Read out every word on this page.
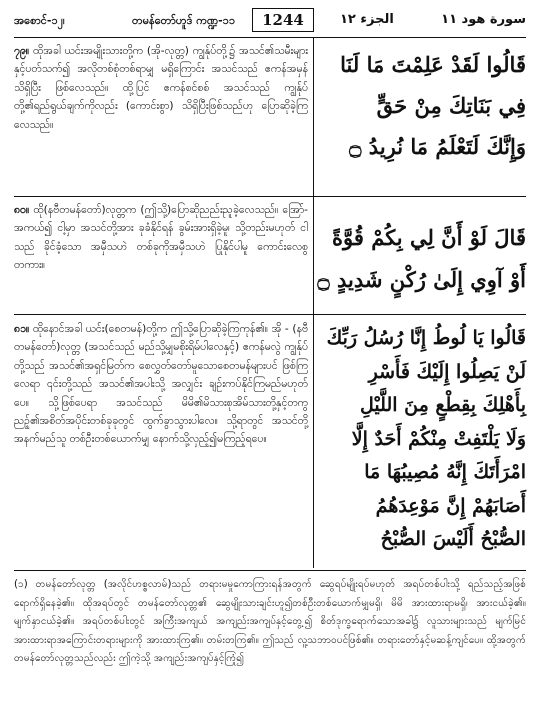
အစောင်-၁၂၊	တမန်တော်ဟူဒ် ကဏ္ဍ-၁၁	1244	الجزء ١٢	سورة هود ١١
၇၉။ ထိုအခါ ယင်းအမျိုးသားတို့က (အို-လုတ္တ) ကျွန်ုပ်တို့၌ အသင်၏သမီးများနှင့်ပတ်သက်၍ အလိုတစ်စုံတစ်ရာမျှ မရှိကြောင်း အသင်သည် ဧကန်အမှန်သိရှိပြီး ဖြစ်လေသည်။ ထို့ပြင် ဧကန်စင်စစ် အသင်သည် ကျွန်ုပ်တို့၏ရည်ရွယ်ချက်ကိုလည်း (ကောင်းစွာ) သိရှိပြီးဖြစ်သည်ဟု ပြောဆိုခဲ့ကြလေသည်။
قَالُوا لَقَدْ عَلِمْتَ مَا لَنَا
فِي بَنَاتِكَ مِنْ حَقٍّ
وَإِنَّكَ لَتَعْلَمُ مَا نُرِيدُ ۝
၈၀။ ထို(နဗီတမန်တော်)လုတ္တက (ဤသို့)ပြောဆိုညည်းညူခဲ့လေသည်။ အြော်-အကယ်၍ ငါ့မှာ အသင်တို့အား ခုခံနိုင်ရန် ခွမ်းအားရှိခဲ့မူ၊ သို့တည်းမဟုတ် ငါသည် ခိုင်ခံ့သော အမှီသဟဲ တစ်ခုကိုအမှီသဟဲ ပြုနိုင်ပါမူ ကောင်းလေစွတကား။
قَالَ لَوْ أَنَّ لِي بِكُمْ قُوَّةً
أَوْ آوِي إِلَىٰ رُكْنٍ شَدِيدٍ ۝
၈၁။ ထိုနောင်အခါ ယင်း(စေတမန်)တို့က ဤသို့ပြောဆိုခဲ့ကြကုန်၏။ အို - (နဗီတမန်တော်)လုတ္တ (အသင်သည် မည်သို့မျှမစိုးရိမ်ပါလေနှင့်) ဧကန်မလွဲ ကျွန်ုပ်တို့သည် အသင်၏အရှင်မြတ်က စေလွှတ်တော်မူသောစေတမန်များပင် ဖြစ်ကြလေရာ ၎င်းတို့သည် အသင်၏အပါးသို့ အလျှင်း ချဉ်းကပ်နိုင်ကြမည်မဟုတ်ပေ။ သို့ဖြစ်ပေရာ အသင်သည် မိမိ၏မိသားစုအိမ်သားတို့နှင့်တကွ ညဉ့်၏အစိတ်အပိုင်းတစ်ခုခုတွင် ထွက်ခွာသွားပါလေ။ သို့ရာတွင် အသင်တို့အနက်မည်သူ တစ်ဦးတစ်ယောက်မျှ နောက်သို့လှည့်၍မကြည့်ရပေ။
قَالُوا يَا لُوطُ إِنَّا رُسُلُ رَبِّكَ
لَنْ يَصِلُوا إِلَيْكَ فَأَسْرِ
بِأَهْلِكَ بِقِطْعٍ مِنَ اللَّيْلِ
وَلَا يَلْتَفِتْ مِنْكُمْ أَحَدٌ إِلَّا
امْرَأَتَكَ إِنَّهُ مُصِيبُهَا مَا
أَصَابَهُمْ إِنَّ مَوْعِدَهُمُ
الصُّبْحُ أَلَيْسَ الصُّبْحُ
(၁) တမန်တော်လုတ္တ (အလိုင်ဟစ္စလာမ်)သည် တရားမမှုကောကြားရန်အတွက် ဆွေရပ်မျိုးရပ်မဟုတ် အရပ်တစ်ပါးသို့ ရည်သည့်အဖြစ် ရောက်ရှိနေခဲ့၏။ ထိုအရပ်တွင် တမန်တော်လုတ္တ၏ ဆွေမျိုးသားချင်းဟူ၍တစ်ဦးတစ်ယောက်မျှမရှိ၊ မိမိ အားထားရာမရှိ၊ အားငယ်ခဲ့၏။ မျက်နှာငယ်ခဲ့၏။ အရပ်တစ်ပါးတွင် အကြီးအကျယ် အကျည်းအကျပ်နှင့်တွေ့၍ စိတ်ဒုက္ခရောက်သောအခါ၌ လူသားများသည် မျက်မြင်အားထားရာအကြောင်းတရားများကို အားထားကြ၏။ တမ်းတကြ၏။ ဤသည် လူ့သဘာဝပင်ဖြစ်၏။ တရားတော်နှင့်မဆန့်ကျင်ပေ။ ထို့အတွက် တမန်တော်လုတ္တသည်လည်း ဤကဲ့သို့ အကျည်းအကျပ်နှင့်ကြုံ၍
